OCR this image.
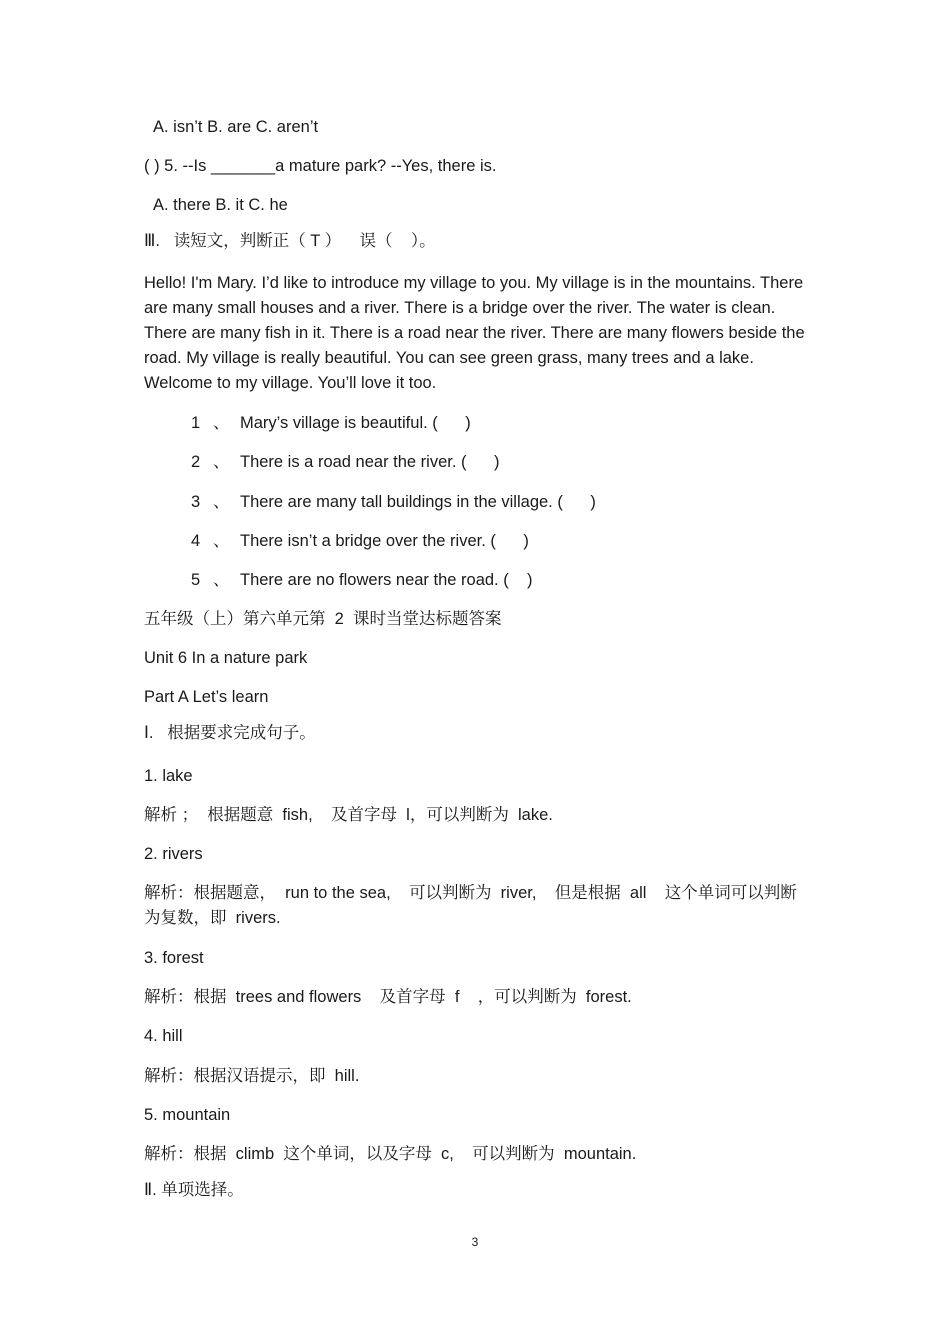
A. isn’t B. are C. aren’t
( ) 5. --Is _______a mature park? --Yes, there is.
A. there B. it C. he
Ⅲ.   读短文，判断正（ T ）    误（    ）。
Hello! I'm Mary. I’d like to introduce my village to you. My village is in the mountains. There are many small houses and a river. There is a bridge over the river. The water is clean. There are many fish in it. There is a road near the river. There are many flowers beside the road. My village is really beautiful. You can see green grass, many trees and a lake. Welcome to my village. You’ll love it too.
1 、 Mary’s village is beautiful. (      )
2 、 There is a road near the river. (      )
3 、 There are many tall buildings in the village. (      )
4 、 There isn’t a bridge over the river. (      )
5 、 There are no flowers near the road. (    )
五年级（上）第六单元第  2  课时当堂达标题答案
Unit 6 In a nature park
Part A Let’s learn
Ⅰ.   根据要求完成句子。
1. lake
解析 ；  根据题意  fish,    及首字母  l，可以判断为  lake.
2. rivers
解析：根据题意，  run to the sea,    可以判断为  river,    但是根据  all    这个单词可以判断为复数，即  rivers.
3. forest
解析：根据  trees and flowers    及首字母  f    ，可以判断为  forest.
4. hill
解析：根据汉语提示，即  hill.
5. mountain
解析：根据  climb  这个单词，以及字母  c,    可以判断为  mountain.
Ⅱ. 单项选择。
3
